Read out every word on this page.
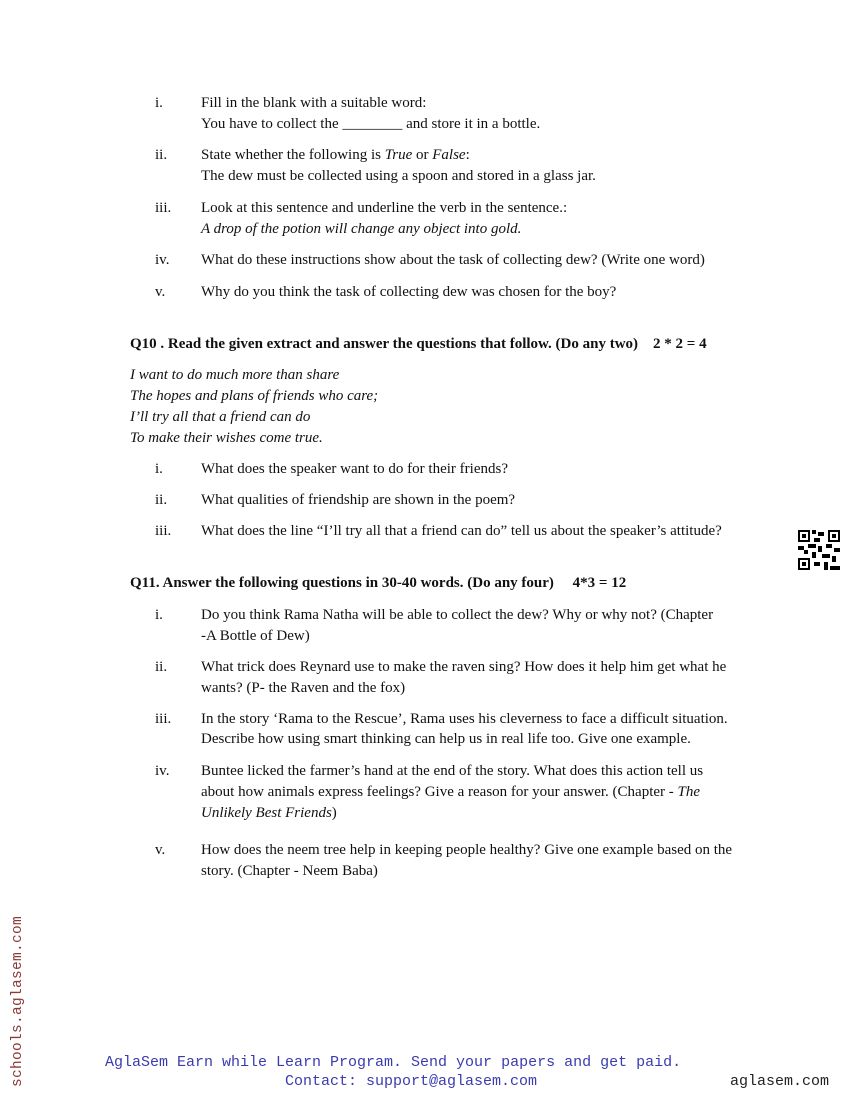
i.	Fill in the blank with a suitable word:
You have to collect the ________ and store it in a bottle.
ii. State whether the following is True or False:
The dew must be collected using a spoon and stored in a glass jar.
iii. Look at this sentence and underline the verb in the sentence.:
A drop of the potion will change any object into gold.
iv. What do these instructions show about the task of collecting dew? (Write one word)
v. Why do you think the task of collecting dew was chosen for the boy?
Q10 . Read the given extract and answer the questions that follow. (Do any two)    2 * 2 = 4
I want to do much more than share
The hopes and plans of friends who care;
I’ll try all that a friend can do
To make their wishes come true.
i.	What does the speaker want to do for their friends?
ii. What qualities of friendship are shown in the poem?
iii. What does the line “I’ll try all that a friend can do” tell us about the speaker’s attitude?
Q11. Answer the following questions in 30-40 words. (Do any four)     4*3 = 12
i.	Do you think Rama Natha will be able to collect the dew? Why or why not? (Chapter
-A Bottle of Dew)
ii. What trick does Reynard use to make the raven sing? How does it help him get what he
wants? (P- the Raven and the fox)
iii. In the story ‘Rama to the Rescue’, Rama uses his cleverness to face a difficult situation.
Describe how using smart thinking can help us in real life too. Give one example.
iv. Buntee licked the farmer’s hand at the end of the story. What does this action tell us
about how animals express feelings? Give a reason for your answer. (Chapter - The
Unlikely Best Friends)
v. How does the neem tree help in keeping people healthy? Give one example based on the
story. (Chapter - Neem Baba)
schools.aglasem.com	AglaSem Earn while Learn Program. Send your papers and get paid.
Contact: support@aglasem.com	aglasem.com
